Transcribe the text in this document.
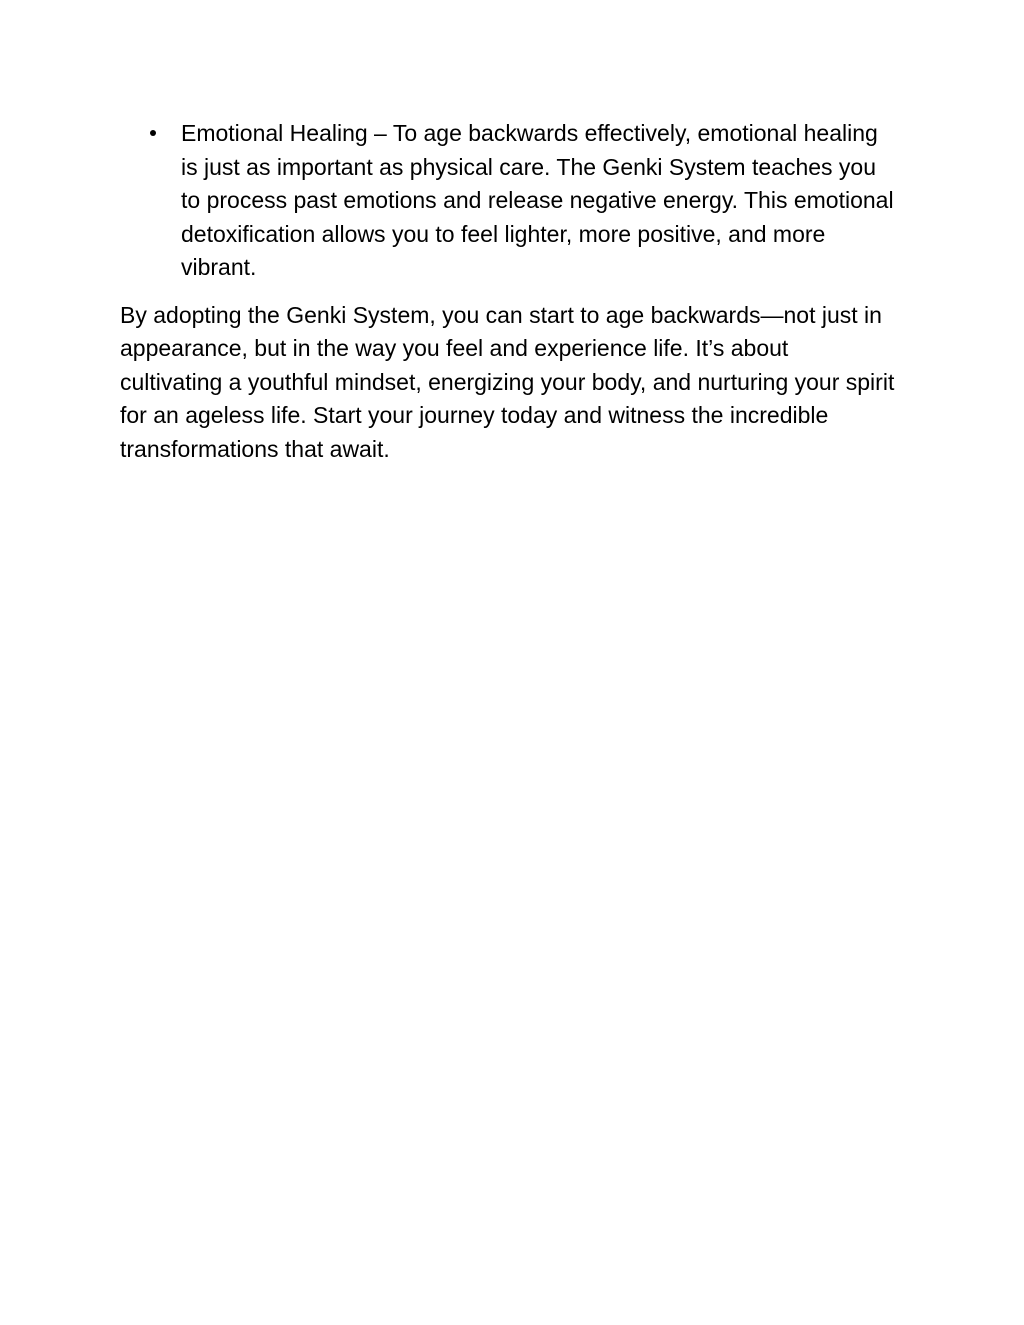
Emotional Healing – To age backwards effectively, emotional healing is just as important as physical care. The Genki System teaches you to process past emotions and release negative energy. This emotional detoxification allows you to feel lighter, more positive, and more vibrant.

By adopting the Genki System, you can start to age backwards—not just in appearance, but in the way you feel and experience life. It’s about cultivating a youthful mindset, energizing your body, and nurturing your spirit for an ageless life. Start your journey today and witness the incredible transformations that await.
